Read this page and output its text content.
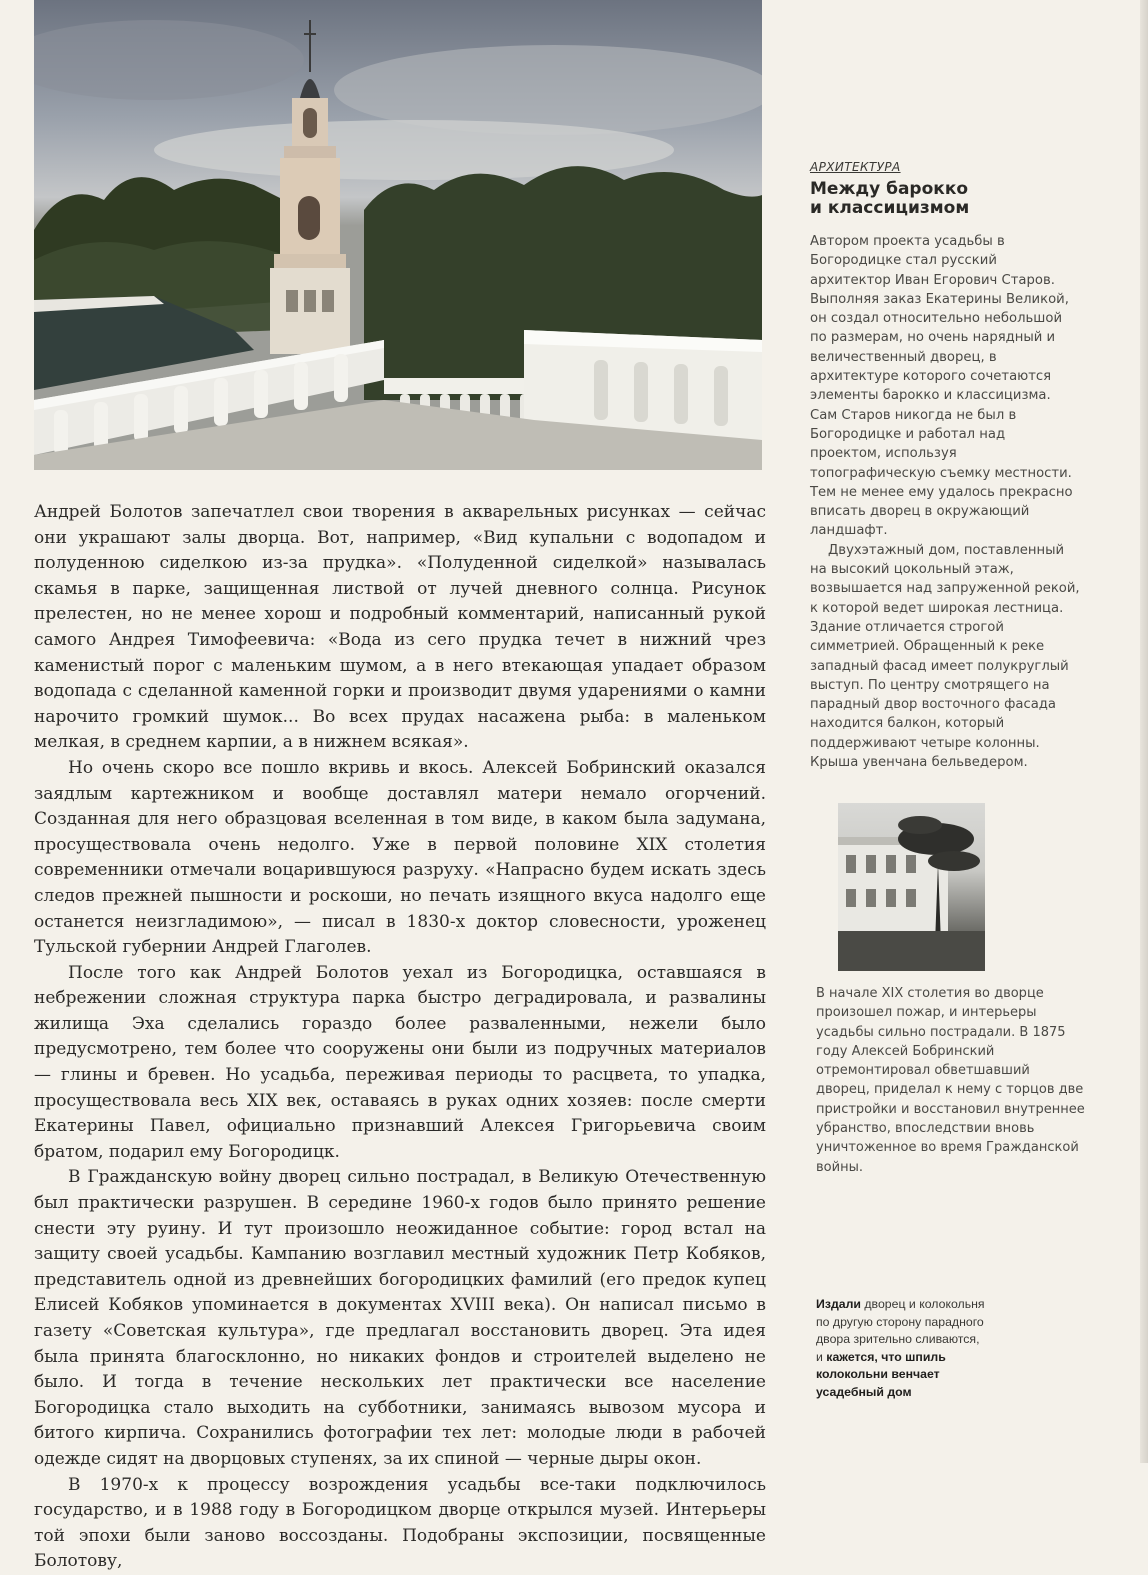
Андрей Болотов запечатлел свои творения в акварельных рисунках — сейчас они украшают залы дворца. Вот, например, «Вид купальни с водопадом и полуденною сиделкою из-за прудка». «Полуденной сиделкой» называлась скамья в парке, защищенная листвой от лучей дневного солнца. Рисунок прелестен, но не менее хорош и подробный комментарий, написанный рукой самого Андрея Тимофеевича: «Вода из сего прудка течет в нижний чрез каменистый порог с маленьким шумом, а в него втекающая упадает образом водопада с сделанной каменной горки и производит двумя ударениями о камни нарочито громкий шумок... Во всех прудах насажена рыба: в маленьком мелкая, в среднем карпии, а в нижнем всякая».

Но очень скоро все пошло вкривь и вкось. Алексей Бобринский оказался заядлым картежником и вообще доставлял матери немало огорчений. Созданная для него образцовая вселенная в том виде, в каком была задумана, просуществовала очень недолго. Уже в первой половине XIX столетия современники отмечали воцарившуюся разруху. «Напрасно будем искать здесь следов прежней пышности и роскоши, но печать изящного вкуса надолго еще останется неизгладимою», — писал в 1830-х доктор словесности, уроженец Тульской губернии Андрей Глаголев.

После того как Андрей Болотов уехал из Богородицка, оставшаяся в небрежении сложная структура парка быстро деградировала, и развалины жилища Эха сделались гораздо более разваленными, нежели было предусмотрено, тем более что сооружены они были из подручных материалов — глины и бревен. Но усадьба, переживая периоды то расцвета, то упадка, просуществовала весь XIX век, оставаясь в руках одних хозяев: после смерти Екатерины Павел, официально признавший Алексея Григорьевича своим братом, подарил ему Богородицк.

В Гражданскую войну дворец сильно пострадал, в Великую Отечественную был практически разрушен. В середине 1960-х годов было принято решение снести эту руину. И тут произошло неожиданное событие: город встал на защиту своей усадьбы. Кампанию возглавил местный художник Петр Кобяков, представитель одной из древнейших богородицких фамилий (его предок купец Елисей Кобяков упоминается в документах XVIII века). Он написал письмо в газету «Советская культура», где предлагал восстановить дворец. Эта идея была принята благосклонно, но никаких фондов и строителей выделено не было. И тогда в течение нескольких лет практически все население Богородицка стало выходить на субботники, занимаясь вывозом мусора и битого кирпича. Сохранились фотографии тех лет: молодые люди в рабочей одежде сидят на дворцовых ступенях, за их спиной — черные дыры окон.

В 1970-х к процессу возрождения усадьбы все-таки подключилось государство, и в 1988 году в Богородицком дворце открылся музей. Интерьеры той эпохи были заново воссозданы. Подобраны экспозиции, посвященные Болотову,

АРХИТЕКТУРА
Между барокко
и классицизмом

Автором проекта усадьбы в Богородицке стал русский архитектор Иван Егорович Старов. Выполняя заказ Екатерины Великой, он создал относительно небольшой по размерам, но очень нарядный и величественный дворец, в архитектуре которого сочетаются элементы барокко и классицизма. Сам Старов никогда не был в Богородицке и работал над проектом, используя топографическую съемку местности. Тем не менее ему удалось прекрасно вписать дворец в окружающий ландшафт.

Двухэтажный дом, поставленный на высокий цокольный этаж, возвышается над запруженной рекой, к которой ведет широкая лестница. Здание отличается строгой симметрией. Обращенный к реке западный фасад имеет полукруглый выступ. По центру смотрящего на парадный двор восточного фасада находится балкон, который поддерживают четыре колонны. Крыша увенчана бельведером.

В начале XIX столетия во дворце произошел пожар, и интерьеры усадьбы сильно пострадали. В 1875 году Алексей Бобринский отремонтировал обветшавший дворец, приделал к нему с торцов две пристройки и восстановил внутреннее убранство, впоследствии вновь уничтоженное во время Гражданской войны.
Издали дворец и колокольня по другую сторону парадного двора зрительно сливаются, и кажется, что шпиль колокольни венчает усадебный дом
